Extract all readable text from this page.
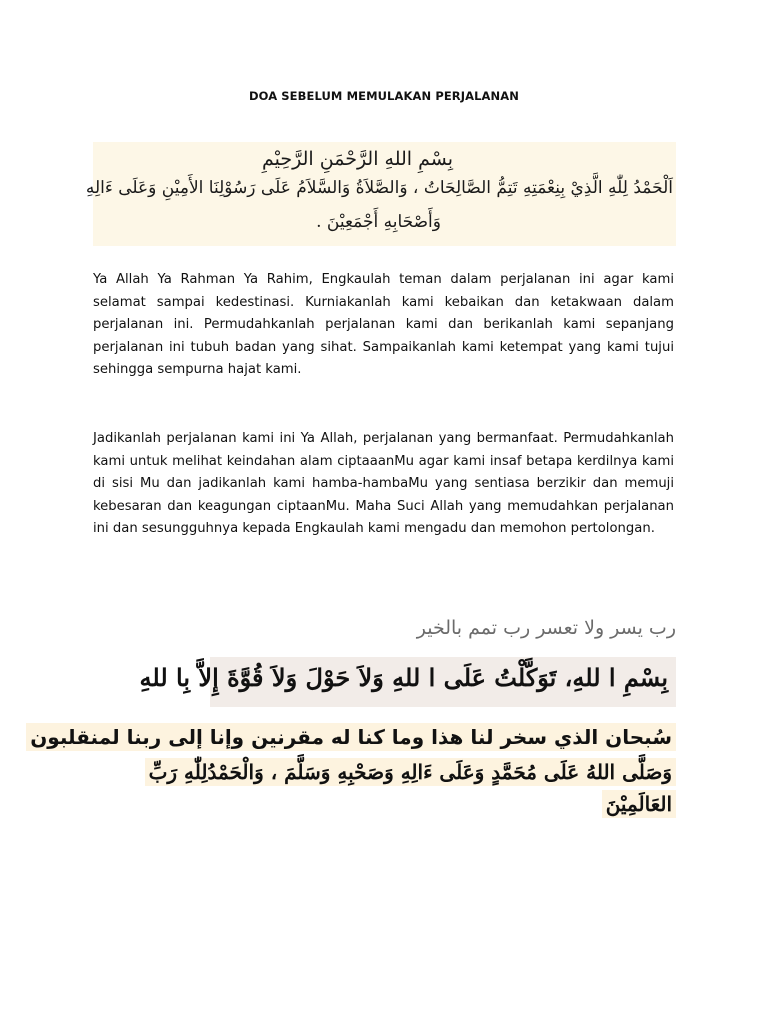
DOA SEBELUM MEMULAKAN PERJALANAN
بِسْمِ اللهِ الرَّحْمَنِ الرَّحِيْمِ
اَلْحَمْدُ لِلّٰهِ الَّذِيْ بِنِعْمَتِهِ تَتِمُّ الصَّالِحَاتُ ، وَالصَّلاَةُ وَالسَّلاَمُ عَلَى رَسُوْلِنَا الأَمِيْنِ وَعَلَى ءَالِهِ
وَأَصْحَابِهِ أَجْمَعِيْنَ .
Ya Allah Ya Rahman Ya Rahim, Engkaulah teman dalam perjalanan ini agar kami selamat sampai kedestinasi. Kurniakanlah kami kebaikan dan ketakwaan dalam perjalanan ini. Permudahkanlah perjalanan kami dan berikanlah kami sepanjang perjalanan ini tubuh badan yang sihat. Sampaikanlah kami ketempat yang kami tujui sehingga sempurna hajat kami.
Jadikanlah perjalanan kami ini Ya Allah, perjalanan yang bermanfaat. Permudahkanlah kami untuk melihat keindahan alam ciptaaanMu agar kami insaf betapa kerdilnya kami di sisi Mu dan jadikanlah kami hamba-hambaMu yang sentiasa berzikir dan memuji kebesaran dan keagungan ciptaanMu. Maha Suci Allah yang memudahkan perjalanan ini dan sesungguhnya kepada Engkaulah kami mengadu dan memohon pertolongan.
رب يسر ولا تعسر رب تمم بالخير
بِسْمِ ا للهِ، تَوَكَّلْتُ عَلَى ا للهِ وَلاَ حَوْلَ وَلاَ قُوَّةَ إِلاَّ بِا للهِ
سُبحان الذي سخر لنا هذا وما كنا له مقرنين وإنا إلى ربنا لمنقلبون
وَصَلَّى اللهُ عَلَى مُحَمَّدٍ وَعَلَى ءَالِهِ وَصَحْبِهِ وَسَلَّمَ ، وَالْحَمْدُلِلّٰهِ رَبِّ
العَالَمِيْنَ
